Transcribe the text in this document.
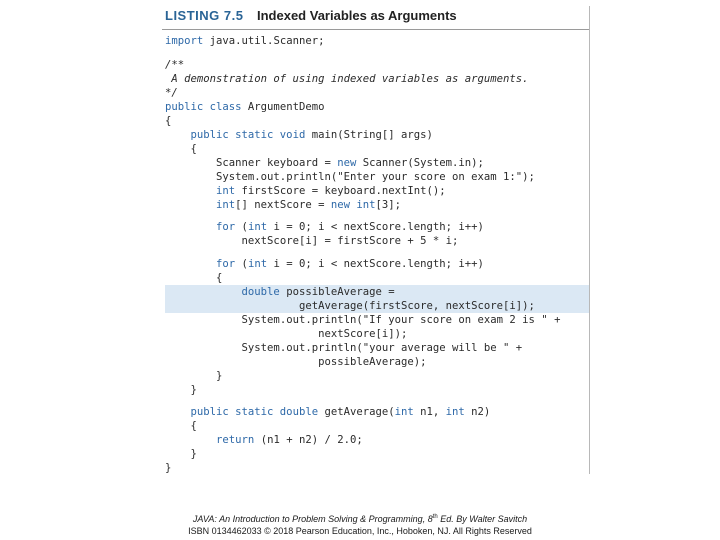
LISTING 7.5 Indexed Variables as Arguments
import java.util.Scanner;
/**
A demonstration of using indexed variables as arguments.
*/
public class ArgumentDemo
{
public static void main(String[] args)
{
Scanner keyboard = new Scanner(System.in);
System.out.println("Enter your score on exam 1:");
int firstScore = keyboard.nextInt();
int[] nextScore = new int[3];
for (int i = 0; i < nextScore.length; i++)
nextScore[i] = firstScore + 5 * i;
for (int i = 0; i < nextScore.length; i++)
{
double possibleAverage =
getAverage(firstScore, nextScore[i]);
System.out.println("If your score on exam 2 is " +
nextScore[i]);
System.out.println("your average will be " +
possibleAverage);
}
}
public static double getAverage(int n1, int n2)
{
return (n1 + n2) / 2.0;
}
}
JAVA: An Introduction to Problem Solving & Programming, 8th Ed. By Walter Savitch
ISBN 0134462033 © 2018 Pearson Education, Inc., Hoboken, NJ. All Rights Reserved
